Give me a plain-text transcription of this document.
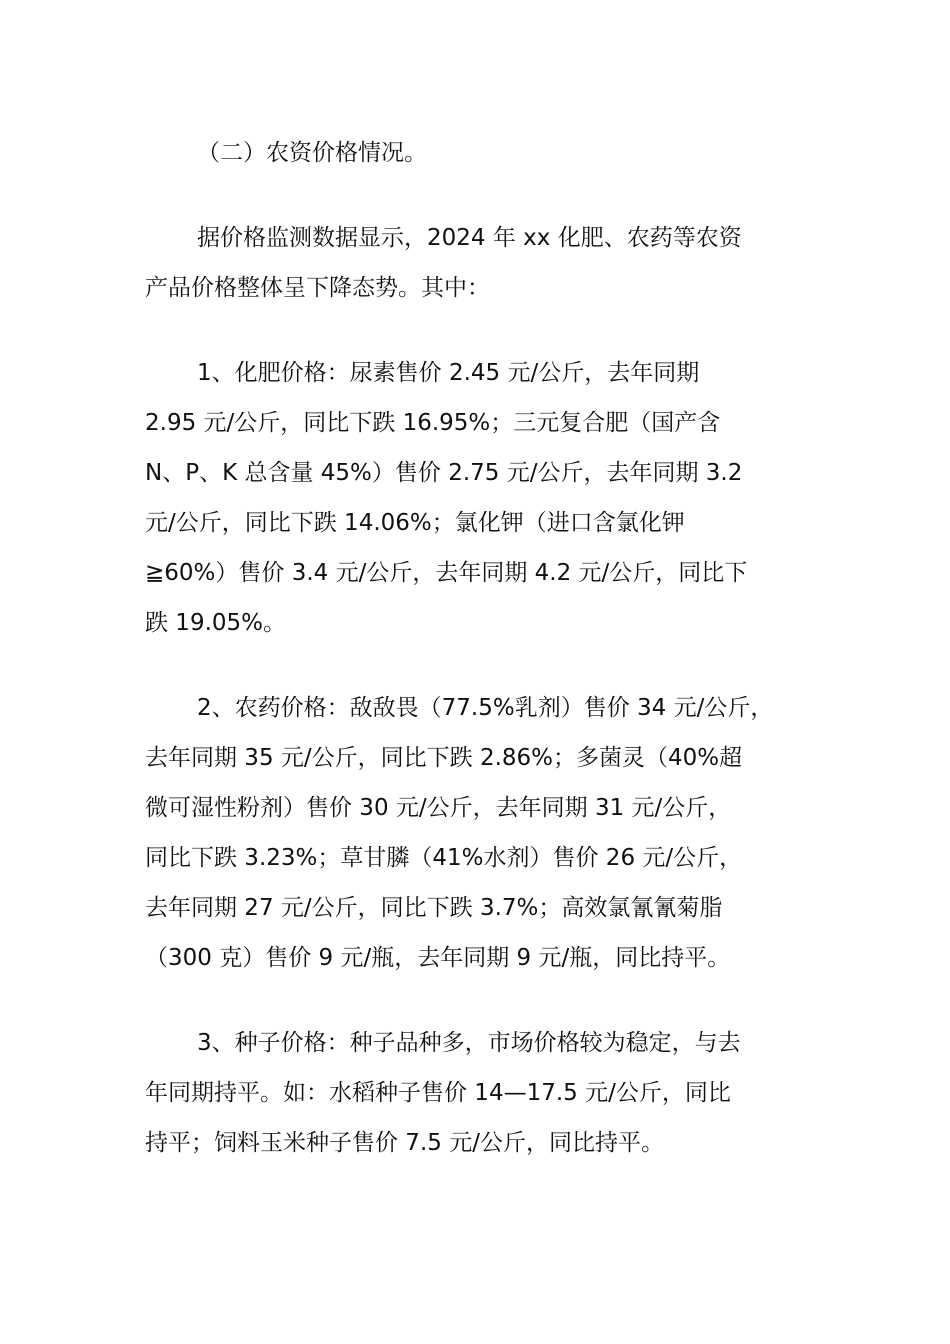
（二）农资价格情况。

据价格监测数据显示，2024 年 xx 化肥、农药等农资
产品价格整体呈下降态势。其中：

1、化肥价格：尿素售价 2.45 元/公斤，去年同期
2.95 元/公斤，同比下跌 16.95%；三元复合肥（国产含
N、P、K 总含量 45%）售价 2.75 元/公斤，去年同期 3.2
元/公斤，同比下跌 14.06%；氯化钾（进口含氯化钾
≧60%）售价 3.4 元/公斤，去年同期 4.2 元/公斤，同比下
跌 19.05%。

2、农药价格：敌敌畏（77.5%乳剂）售价 34 元/公斤，
去年同期 35 元/公斤，同比下跌 2.86%；多菌灵（40%超
微可湿性粉剂）售价 30 元/公斤，去年同期 31 元/公斤，
同比下跌 3.23%；草甘膦（41%水剂）售价 26 元/公斤，
去年同期 27 元/公斤，同比下跌 3.7%；高效氯氰氰菊脂
（300 克）售价 9 元/瓶，去年同期 9 元/瓶，同比持平。

3、种子价格：种子品种多，市场价格较为稳定，与去
年同期持平。如：水稻种子售价 14—17.5 元/公斤，同比
持平；饲料玉米种子售价 7.5 元/公斤，同比持平。
